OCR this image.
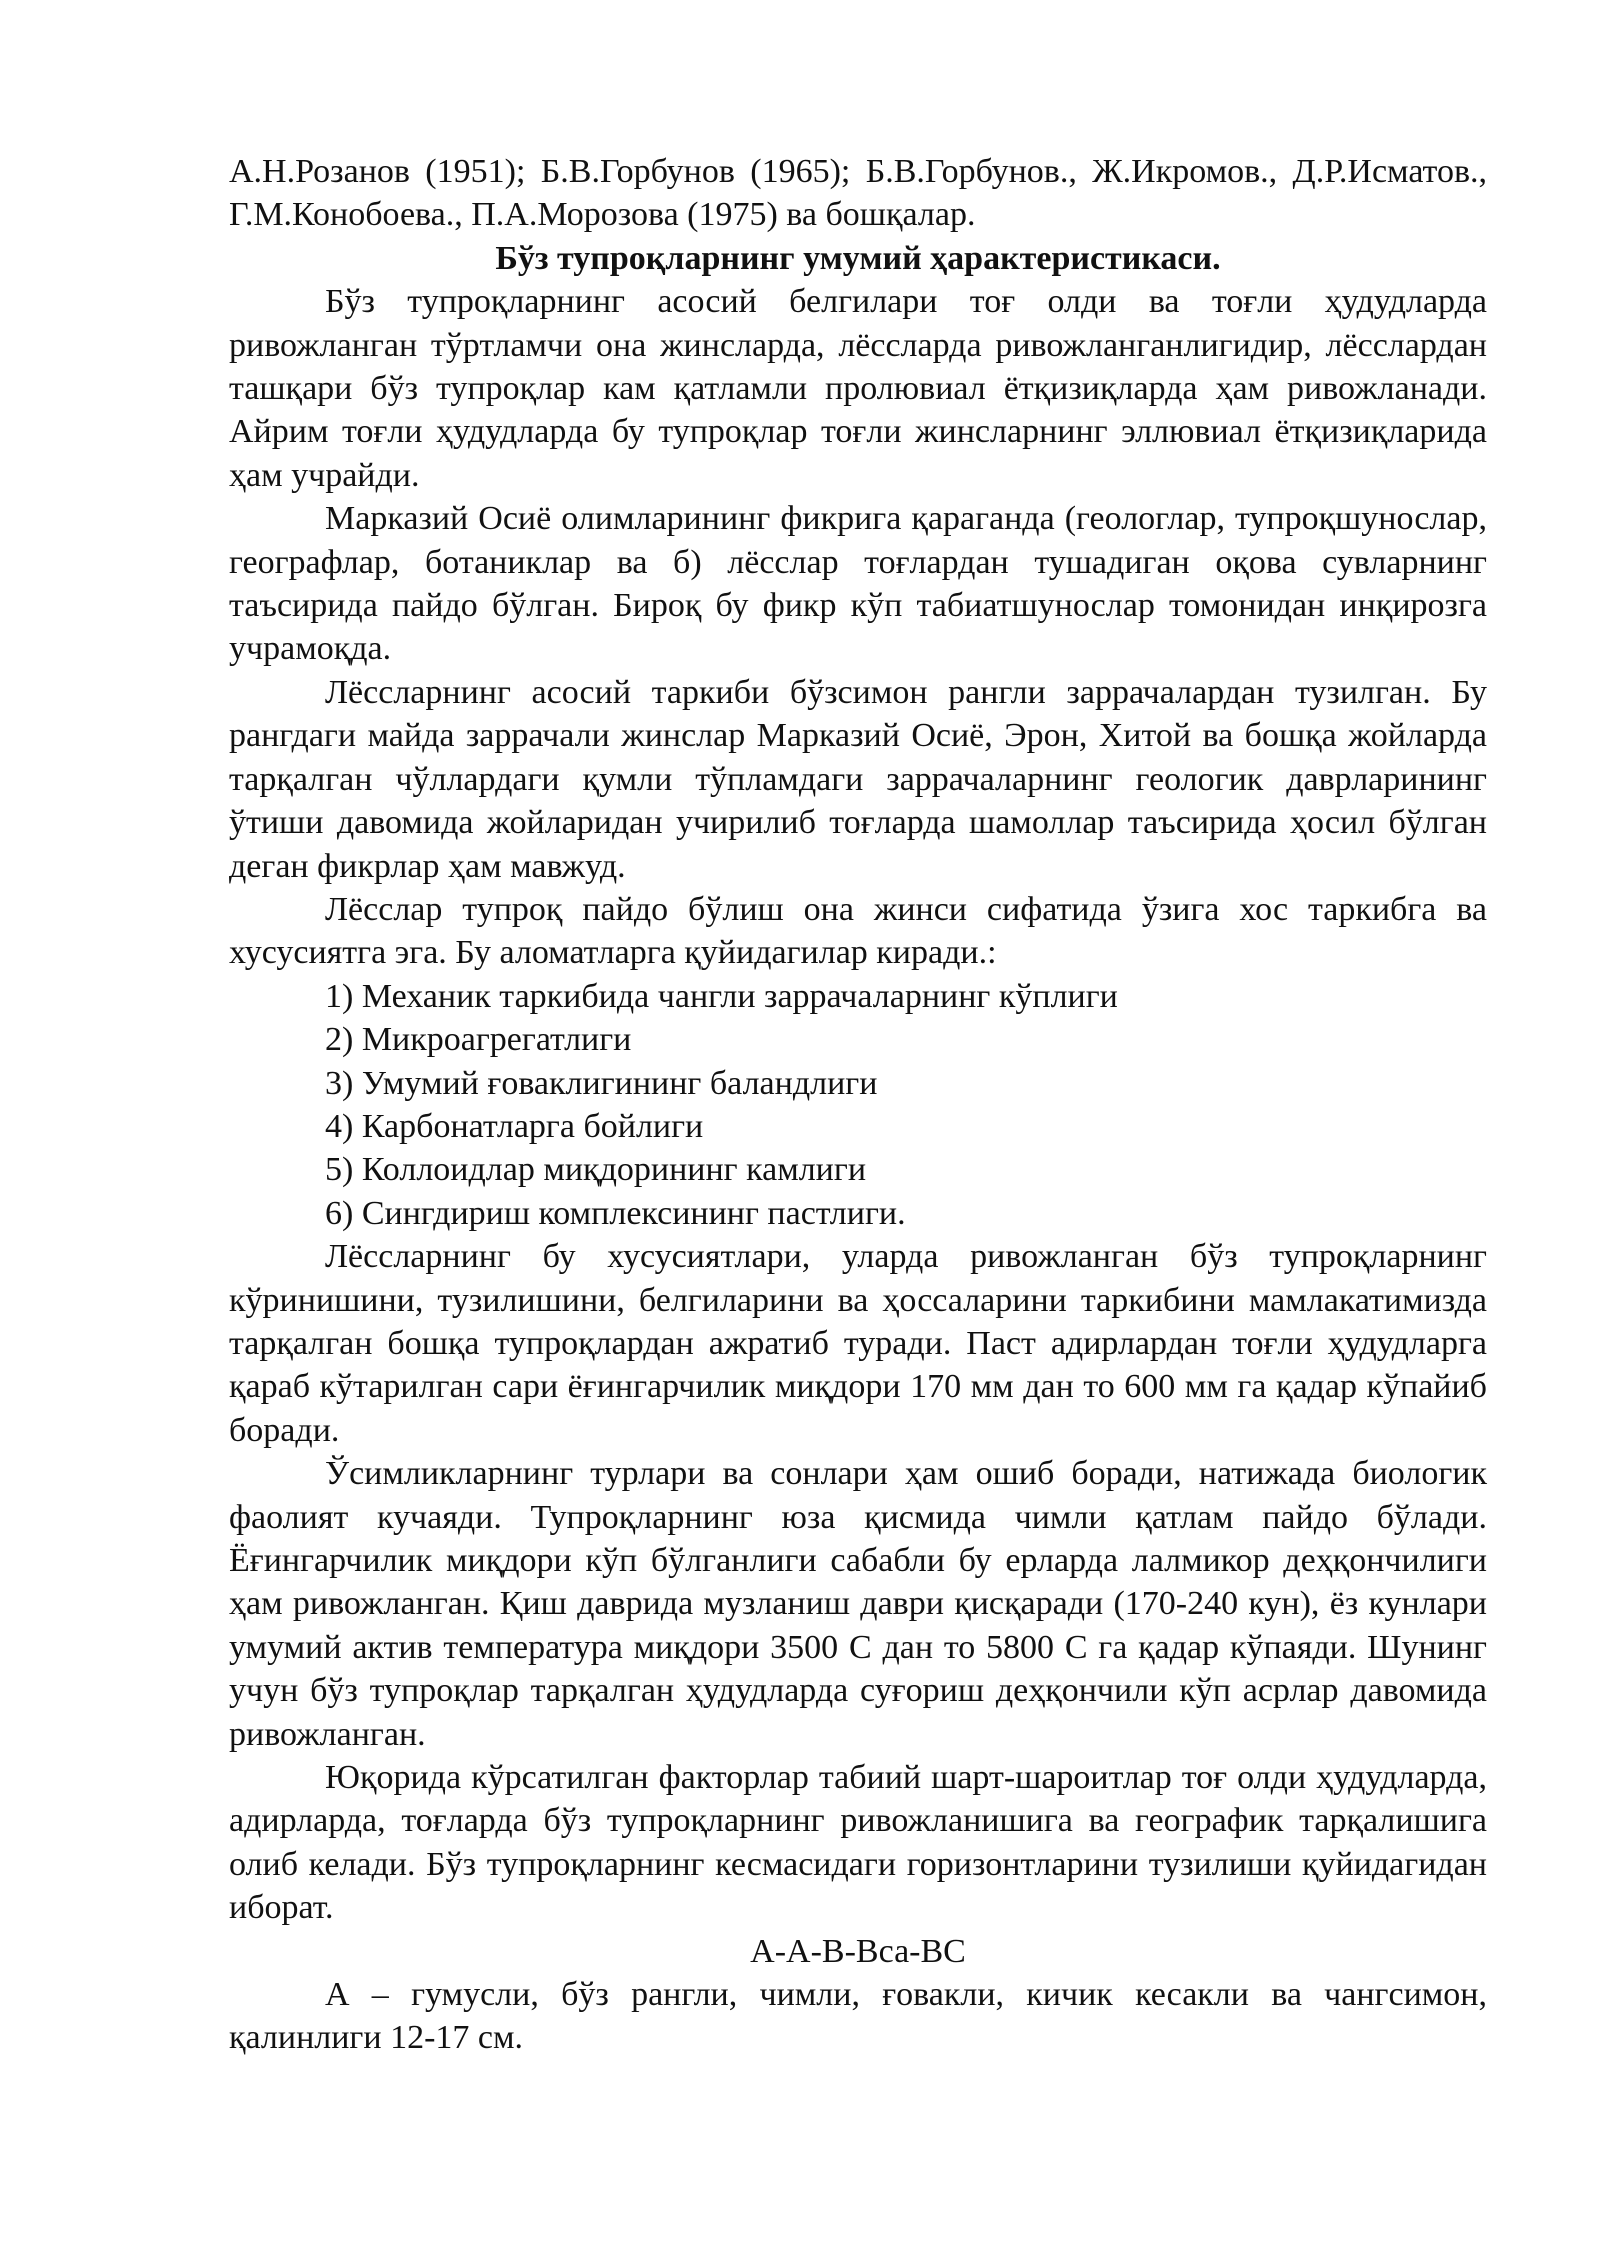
А.Н.Розанов (1951); Б.В.Горбунов (1965); Б.В.Горбунов., Ж.Икромов., Д.Р.Исматов., Г.М.Конобоева., П.А.Морозова (1975) ва бошқалар.

Бўз тупроқларнинг умумий ҳарактеристикаси.

Бўз тупроқларнинг асосий белгилари тоғ олди ва тоғли ҳудудларда ривожланган тўртламчи она жинсларда, лёссларда ривожланганлигидир, лёсслардан ташқари бўз тупроқлар кам қатламли пролювиал ётқизиқларда ҳам ривожланади. Айрим тоғли ҳудудларда бу тупроқлар тоғли жинсларнинг эллювиал ётқизиқларида ҳам учрайди.

Марказий Осиё олимларининг фикрига қараганда (геологлар, тупроқшунослар, географлар, ботаниклар ва б) лёсслар тоғлардан тушадиган оқова сувларнинг таъсирида пайдо бўлган. Бироқ бу фикр кўп табиатшунослар томонидан инқирозга учрамоқда.

Лёссларнинг асосий таркиби бўзсимон рангли заррачалардан тузилган. Бу рангдаги майда заррачали жинслар Марказий Осиё, Эрон, Хитой ва бошқа жойларда тарқалган чўллардаги қумли тўпламдаги заррачаларнинг геологик даврларининг ўтиши давомида жойларидан учирилиб тоғларда шамоллар таъсирида ҳосил бўлган деган фикрлар ҳам мавжуд.

Лёсслар тупроқ пайдо бўлиш она жинси сифатида ўзига хос таркибга ва хусусиятга эга. Бу аломатларга қуйидагилар киради.:

1) Механик таркибида чангли заррачаларнинг кўплиги
2) Микроагрегатлиги
3) Умумий ғоваклигининг баландлиги
4) Карбонатларга бойлиги
5) Коллоидлар миқдорининг камлиги
6) Сингдириш комплексининг пастлиги.

Лёссларнинг бу хусусиятлари, уларда ривожланган бўз тупроқларнинг кўринишини, тузилишини, белгиларини ва ҳоссаларини таркибини мамлакатимизда тарқалган бошқа тупроқлардан ажратиб туради. Паст адирлардан тоғли ҳудудларга қараб кўтарилган сари ёғингарчилик миқдори 170 мм дан то 600 мм га қадар кўпайиб боради.

Ўсимликларнинг турлари ва сонлари ҳам ошиб боради, натижада биологик фаолият кучаяди. Тупроқларнинг юза қисмида чимли қатлам пайдо бўлади. Ёғингарчилик миқдори кўп бўлганлиги сабабли бу ерларда лалмикор деҳқончилиги ҳам ривожланган. Қиш даврида музланиш даври қисқаради (170-240 кун), ёз кунлари умумий актив температура миқдори 3500 С дан то 5800 С га қадар кўпаяди. Шунинг учун бўз тупроқлар тарқалган ҳудудларда суғориш деҳқончили кўп асрлар давомида ривожланган.

Юқорида кўрсатилган факторлар табиий шарт-шароитлар тоғ олди ҳудудларда, адирларда, тоғларда бўз тупроқларнинг ривожланишига ва географик тарқалишига олиб келади. Бўз тупроқларнинг кесмасидаги горизонтларини тузилиши қуйидагидан иборат.

А-А-В-Вса-ВС

А – гумусли, бўз рангли, чимли, ғовакли, кичик кесакли ва чангсимон, қалинлиги 12-17 см.
